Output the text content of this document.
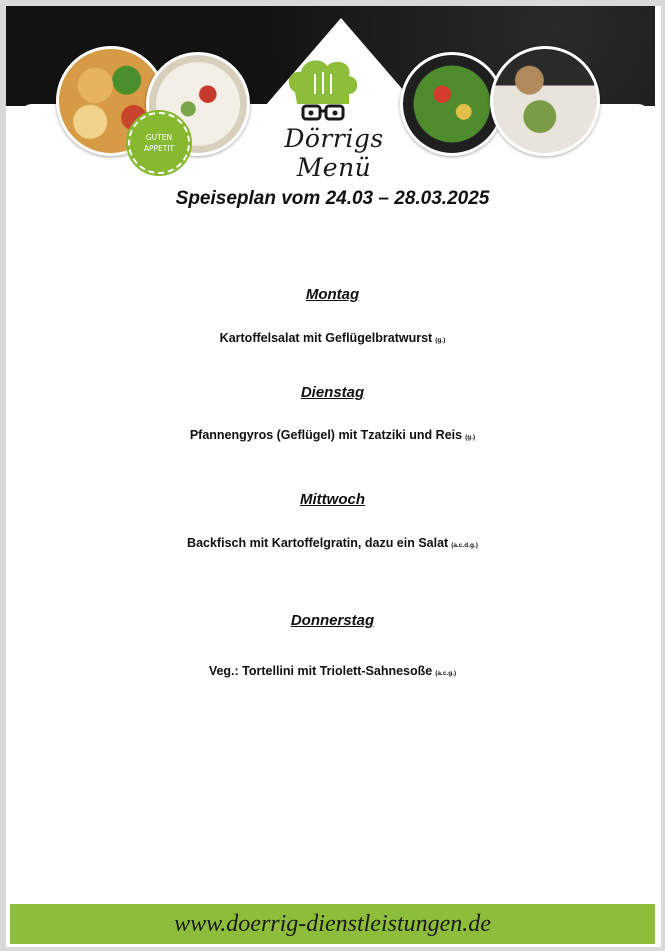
GUTEN
APPETIT	Dörrigs Menü
Speiseplan vom 24.03 – 28.03.2025
Montag
Kartoffelsalat mit Geflügelbratwurst (g.)
Dienstag
Pfannengyros (Geflügel) mit Tzatziki und Reis (g.)
Mittwoch
Backfisch mit Kartoffelgratin, dazu ein Salat (a.c.d.g.)
Donnerstag
Veg.: Tortellini mit Triolett-Sahnesoße (a.c.g.)
www.doerrig-dienstleistungen.de
